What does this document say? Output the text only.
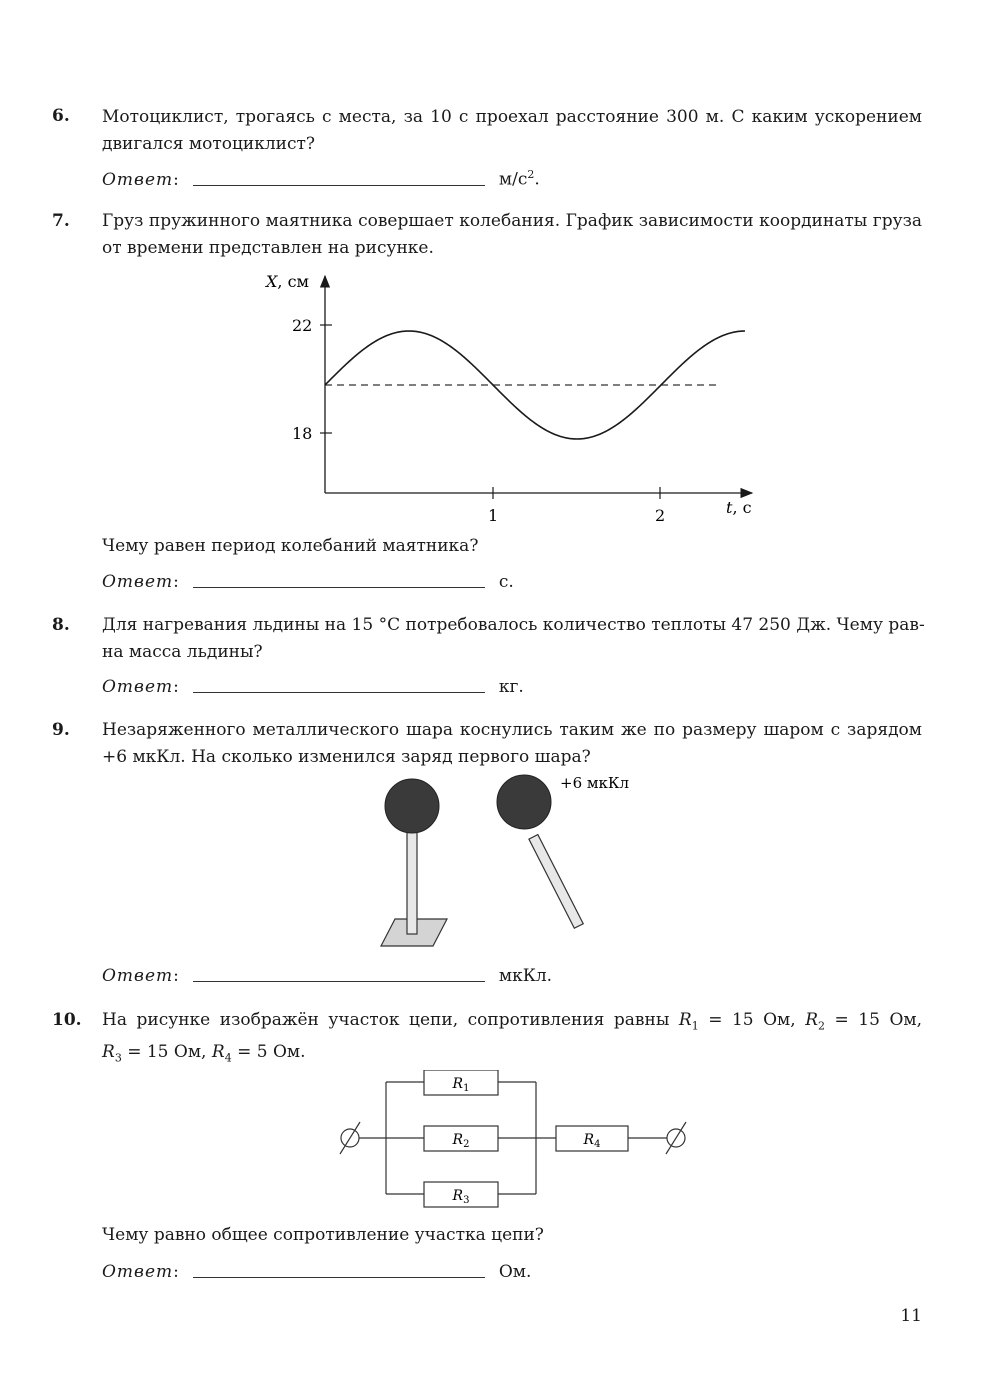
6. Мотоциклист, трогаясь с места, за 10 с проехал расстояние 300 м. С каким ускорением
двигался мотоциклист?
Ответ :	$м/с^2$.
7. Груз пружинного маятника совершает колебания. График зависимости координаты груза
от времени представлен на рисунке.
X, см
22
18
1	2	t, с
Чему равен период колебаний маятника?
Ответ :	с.
8. Для нагревания льдины на 15 °С потребовалось количество теплоты 47 250 Дж. Чему рав-
на масса льдины?
Ответ :	кг.
9. Незаряженного металлического шара коснулись таким же по размеру шаром с зарядом
+6 мкКл. На сколько изменился заряд первого шара?
+6 мкКл
Ответ :	мкКл.
10. На рисунке изображён участок цепи, сопротивления равны $R_1 = 15$ Ом, $R_2 = 15$ Ом,
$R_3 = 15$ Ом, $R_4 = 5$ Ом.
$R_1$
$R_2$
$R_3$
$R_4$
Чему равно общее сопротивление участка цепи?
Ответ :	Ом.
11
